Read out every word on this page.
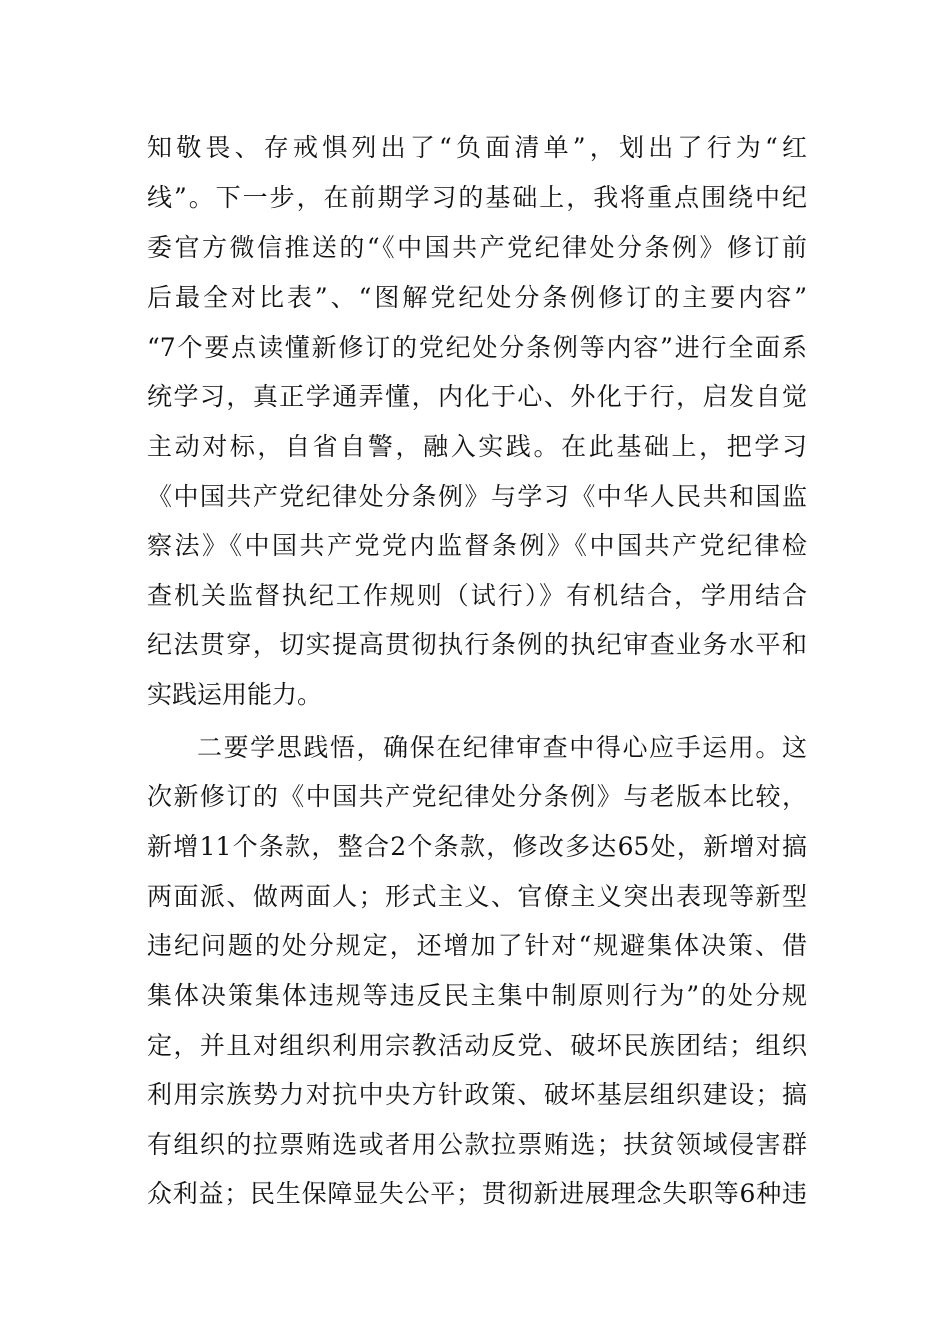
知敬畏、存戒惧列出了“负面清单”，划出了行为“红
线”。下一步，在前期学习的基础上，我将重点围绕中纪
委官方微信推送的“《中国共产党纪律处分条例》修订前
后最全对比表”、“图解党纪处分条例修订的主要内容”
“7个要点读懂新修订的党纪处分条例等内容”进行全面系
统学习，真正学通弄懂，内化于心、外化于行，启发自觉
主动对标，自省自警，融入实践。在此基础上，把学习
《中国共产党纪律处分条例》与学习《中华人民共和国监
察法》《中国共产党党内监督条例》《中国共产党纪律检
查机关监督执纪工作规则（试行）》有机结合，学用结合
纪法贯穿，切实提高贯彻执行条例的执纪审查业务水平和
实践运用能力。
二要学思践悟，确保在纪律审查中得心应手运用。这
次新修订的《中国共产党纪律处分条例》与老版本比较，
新增11个条款，整合2个条款，修改多达65处，新增对搞
两面派、做两面人；形式主义、官僚主义突出表现等新型
违纪问题的处分规定，还增加了针对“规避集体决策、借
集体决策集体违规等违反民主集中制原则行为”的处分规
定，并且对组织利用宗教活动反党、破坏民族团结；组织
利用宗族势力对抗中央方针政策、破坏基层组织建设；搞
有组织的拉票贿选或者用公款拉票贿选；扶贫领域侵害群
众利益；民生保障显失公平；贯彻新进展理念失职等6种违
